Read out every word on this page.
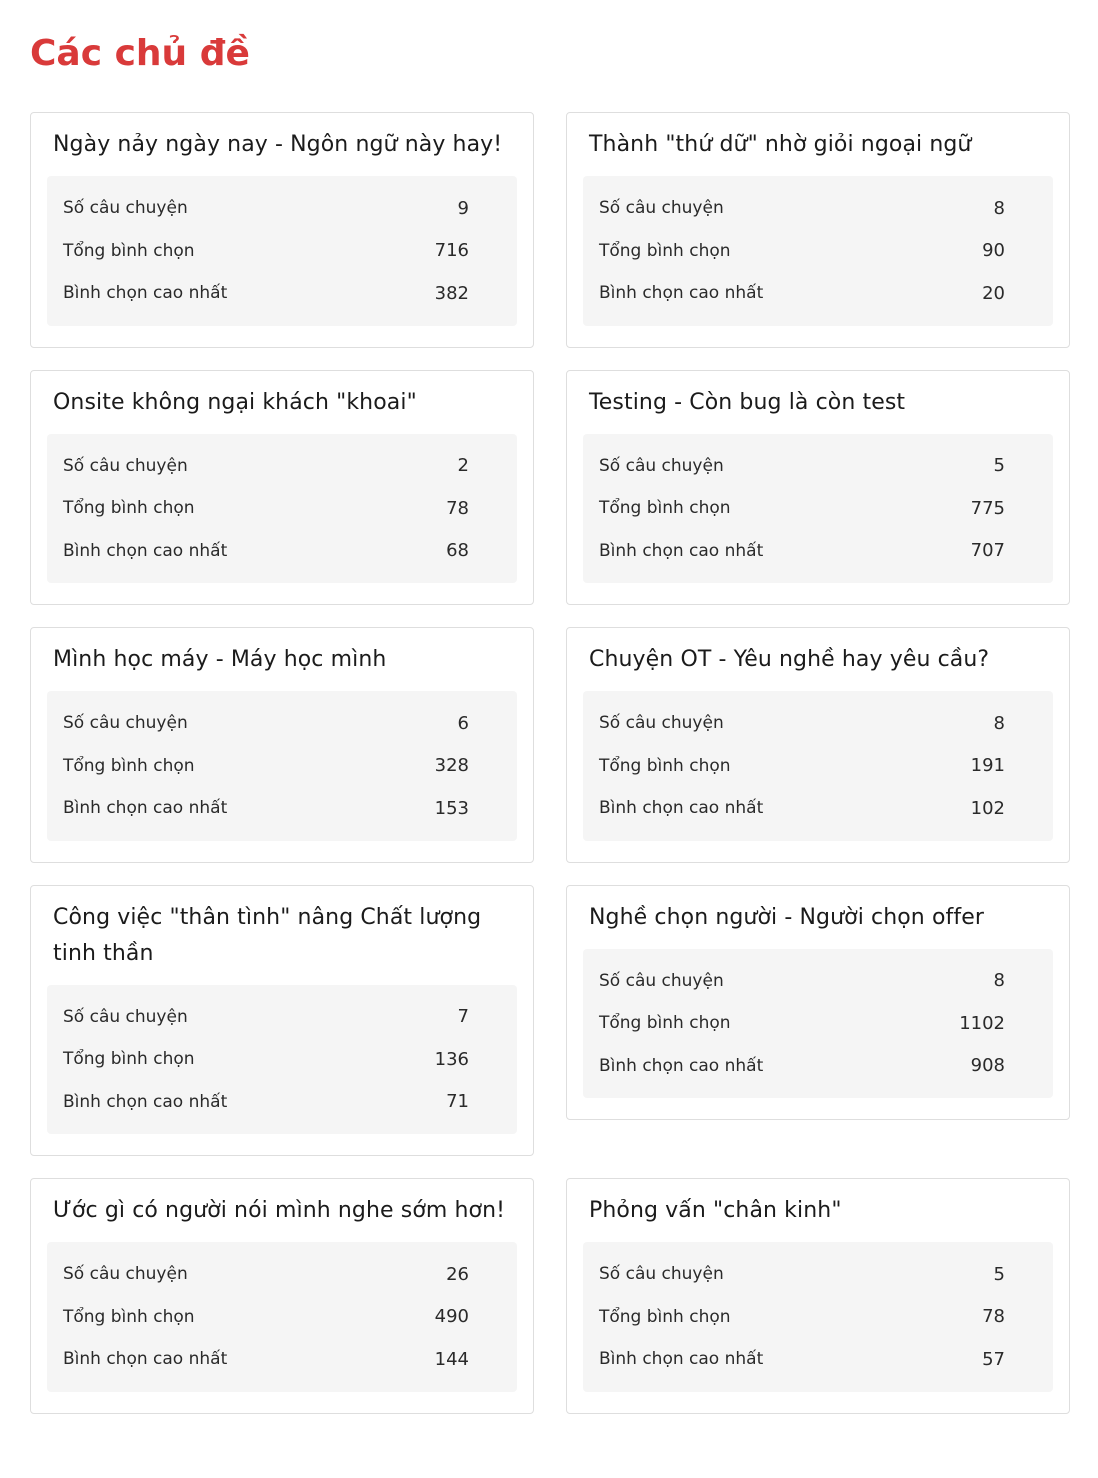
Các chủ đề
Ngày nảy ngày nay - Ngôn ngữ này hay!
Số câu chuyện	9
Tổng bình chọn	716
Bình chọn cao nhất	382
Thành "thứ dữ" nhờ giỏi ngoại ngữ
Số câu chuyện	8
Tổng bình chọn	90
Bình chọn cao nhất	20
Onsite không ngại khách "khoai"
Số câu chuyện	2
Tổng bình chọn	78
Bình chọn cao nhất	68
Testing - Còn bug là còn test
Số câu chuyện	5
Tổng bình chọn	775
Bình chọn cao nhất	707
Mình học máy - Máy học mình
Số câu chuyện	6
Tổng bình chọn	328
Bình chọn cao nhất	153
Chuyện OT - Yêu nghề hay yêu cầu?
Số câu chuyện	8
Tổng bình chọn	191
Bình chọn cao nhất	102
Công việc "thân tình" nâng Chất lượng tinh thần
Số câu chuyện	7
Tổng bình chọn	136
Bình chọn cao nhất	71
Nghề chọn người - Người chọn offer
Số câu chuyện	8
Tổng bình chọn	1102
Bình chọn cao nhất	908
Ước gì có người nói mình nghe sớm hơn!
Số câu chuyện	26
Tổng bình chọn	490
Bình chọn cao nhất	144
Phỏng vấn "chân kinh"
Số câu chuyện	5
Tổng bình chọn	78
Bình chọn cao nhất	57
